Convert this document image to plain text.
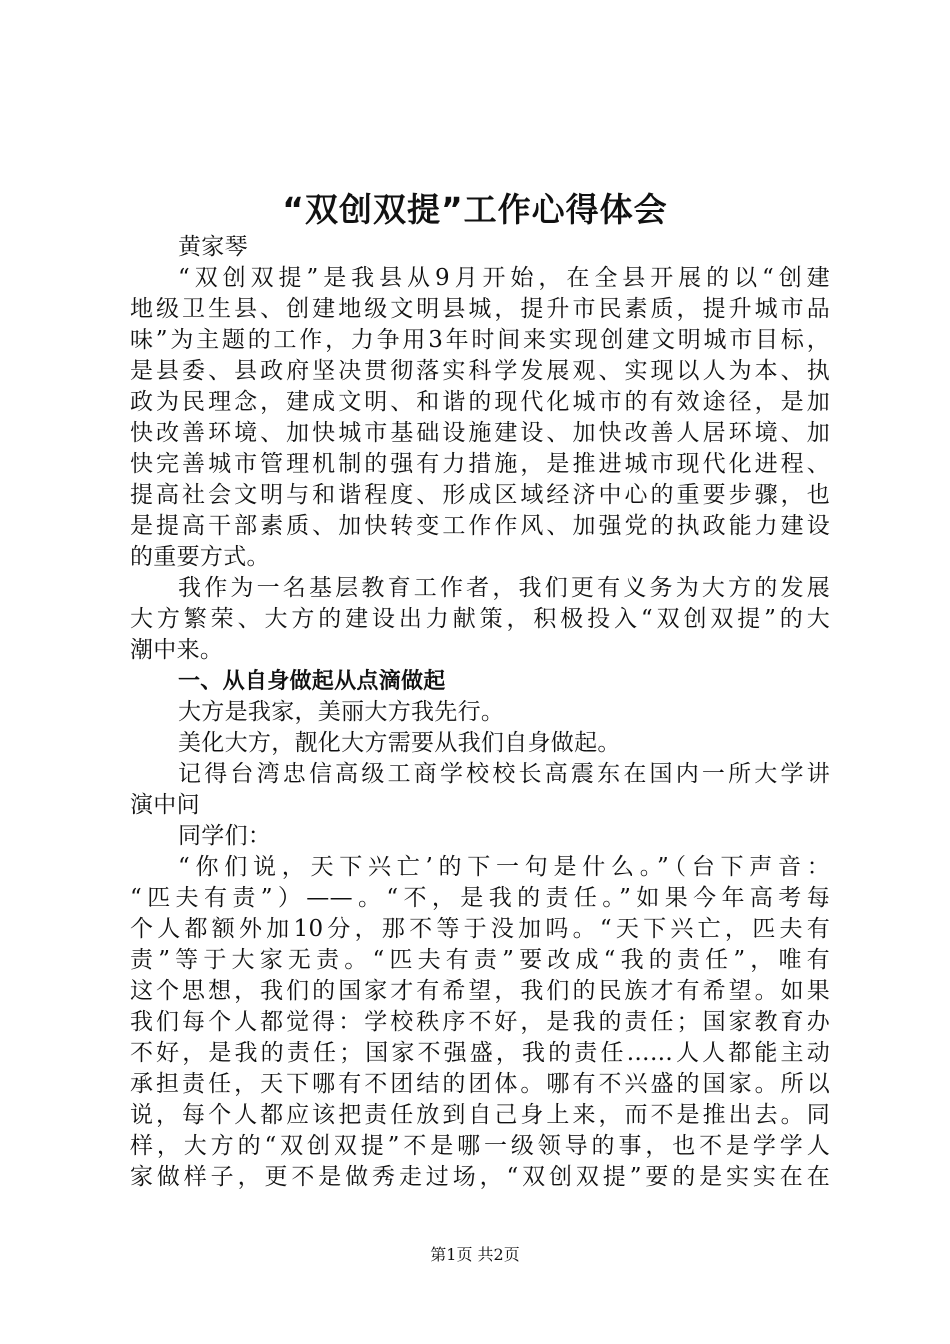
“双创双提”工作心得体会

黄家琴

“双创双提”是我县从9月开始，在全县开展的以“创建

地级卫生县、创建地级文明县城，提升市民素质，提升城市品

味”为主题的工作，力争用3年时间来实现创建文明城市目标，

是县委、县政府坚决贯彻落实科学发展观、实现以人为本、执

政为民理念，建成文明、和谐的现代化城市的有效途径，是加

快改善环境、加快城市基础设施建设、加快改善人居环境、加

快完善城市管理机制的强有力措施，是推进城市现代化进程、

提高社会文明与和谐程度、形成区域经济中心的重要步骤，也

是提高干部素质、加快转变工作作风、加强党的执政能力建设

的重要方式。

我作为一名基层教育工作者，我们更有义务为大方的发展

大方繁荣、大方的建设出力献策，积极投入“双创双提”的大

潮中来。

一、从自身做起从点滴做起

大方是我家，美丽大方我先行。

美化大方，靓化大方需要从我们自身做起。

记得台湾忠信高级工商学校校长高震东在国内一所大学讲

演中问

同学们：

“你们说，天下兴亡’的下一句是什么。”（台下声音：

“匹夫有责”）——。“不，是我的责任。”如果今年高考每

个人都额外加10分，那不等于没加吗。“天下兴亡，匹夫有

责”等于大家无责。“匹夫有责”要改成“我的责任”，唯有

这个思想，我们的国家才有希望，我们的民族才有希望。如果

我们每个人都觉得：学校秩序不好，是我的责任；国家教育办

不好，是我的责任；国家不强盛，我的责任……人人都能主动

承担责任，天下哪有不团结的团体。哪有不兴盛的国家。所以

说，每个人都应该把责任放到自己身上来，而不是推出去。同

样，大方的“双创双提”不是哪一级领导的事，也不是学学人

家做样子，更不是做秀走过场，“双创双提”要的是实实在在

第1页 共2页
